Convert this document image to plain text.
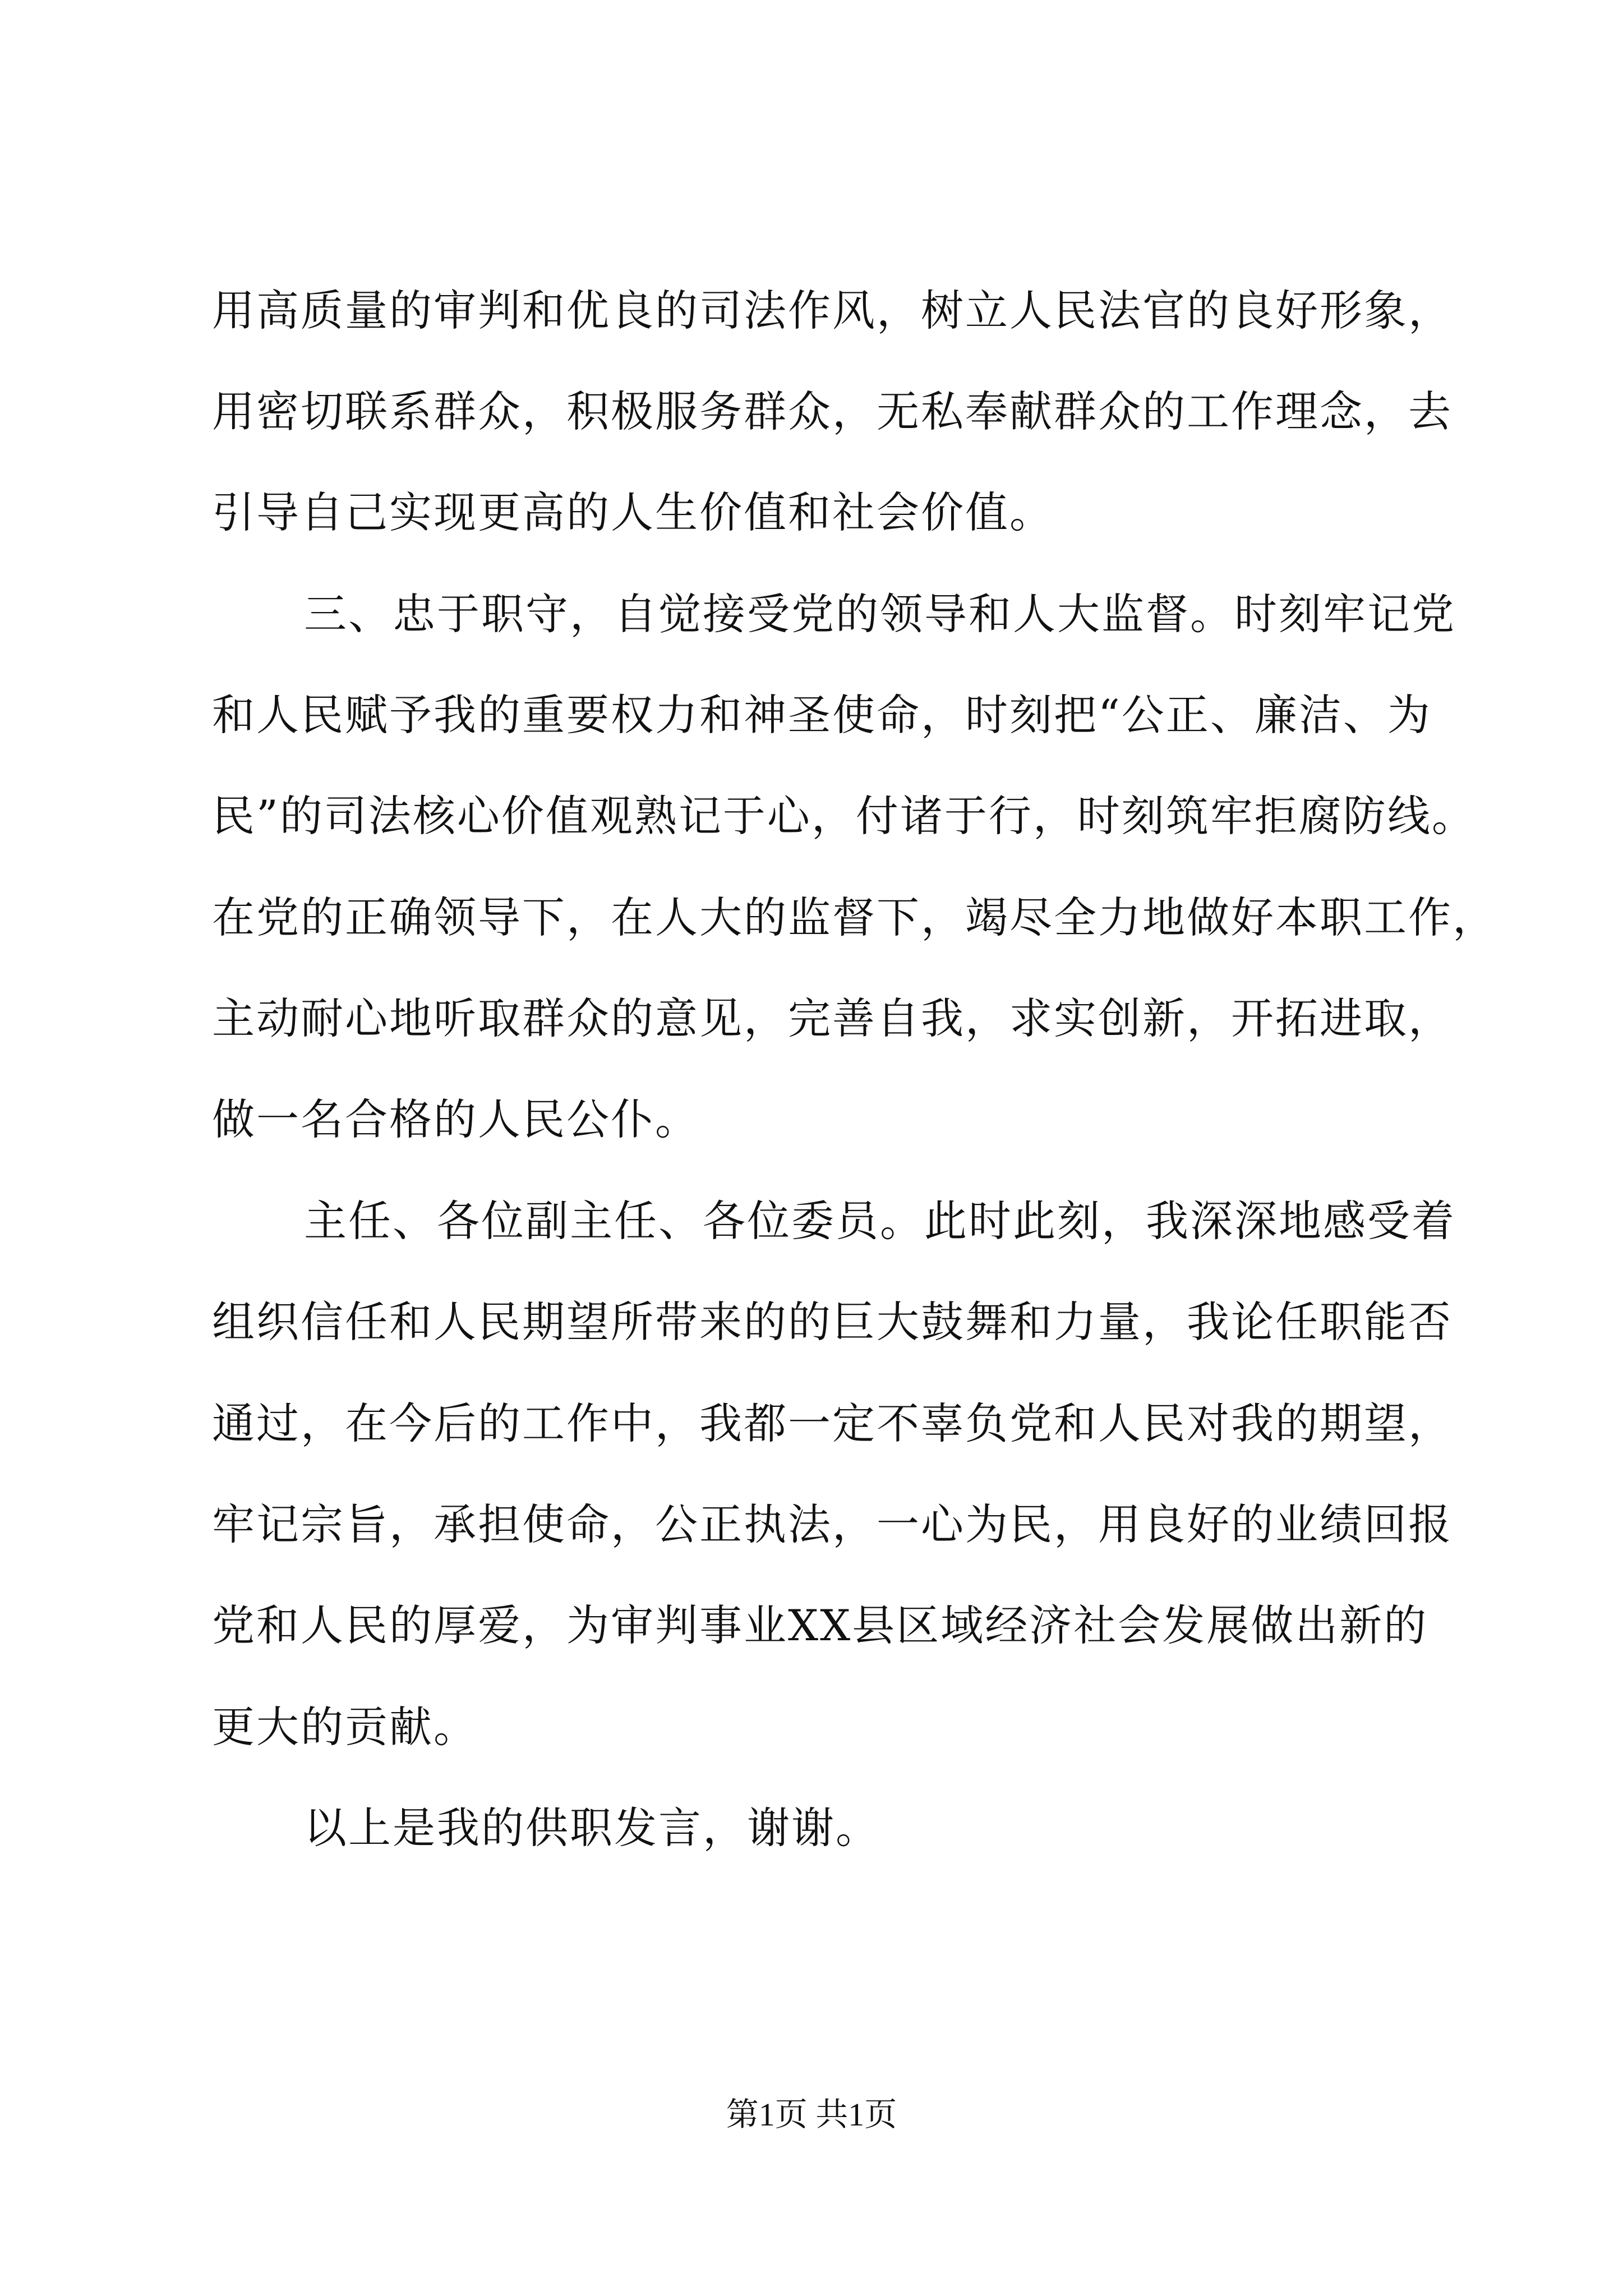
用高质量的审判和优良的司法作风，树立人民法官的良好形象，
用密切联系群众，积极服务群众，无私奉献群众的工作理念，去
引导自己实现更高的人生价值和社会价值。
三、忠于职守，自觉接受党的领导和人大监督。时刻牢记党
和人民赋予我的重要权力和神圣使命，时刻把“公正、廉洁、为
民”的司法核心价值观熟记于心，付诸于行，时刻筑牢拒腐防线。
在党的正确领导下，在人大的监督下，竭尽全力地做好本职工作，
主动耐心地听取群众的意见，完善自我，求实创新，开拓进取，
做一名合格的人民公仆。
主任、各位副主任、各位委员。此时此刻，我深深地感受着
组织信任和人民期望所带来的的巨大鼓舞和力量，我论任职能否
通过，在今后的工作中，我都一定不辜负党和人民对我的期望，
牢记宗旨，承担使命，公正执法，一心为民，用良好的业绩回报
党和人民的厚爱，为审判事业XX县区域经济社会发展做出新的
更大的贡献。
以上是我的供职发言，谢谢。
第1页 共1页
